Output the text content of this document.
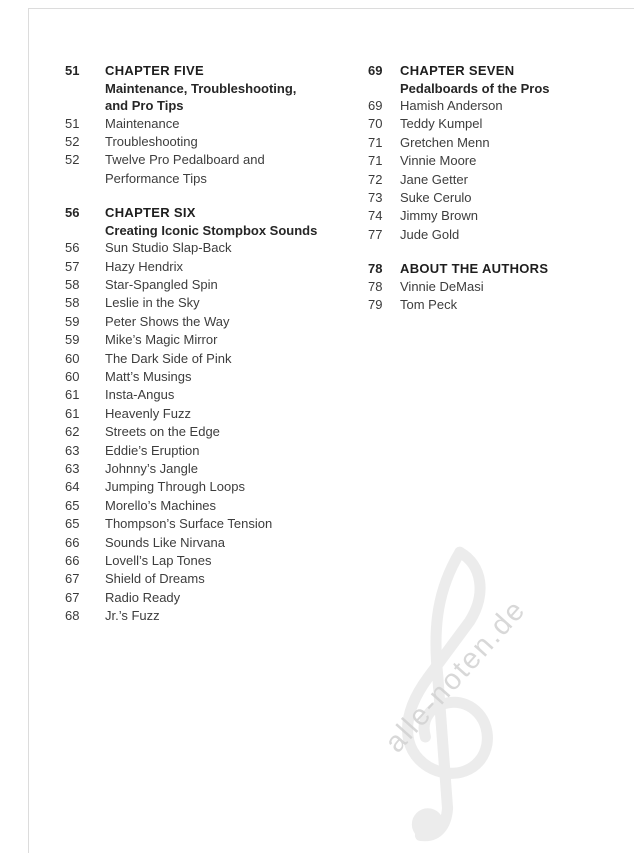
alle-noten.de
51	CHAPTER FIVE
Maintenance, Troubleshooting,
and Pro Tips
51	Maintenance
52	Troubleshooting
52	Twelve Pro Pedalboard and
Performance Tips
56	CHAPTER SIX
Creating Iconic Stompbox Sounds
56	Sun Studio Slap-Back
57	Hazy Hendrix
58	Star-Spangled Spin
58	Leslie in the Sky
59	Peter Shows the Way
59	Mike’s Magic Mirror
60	The Dark Side of Pink
60	Matt’s Musings
61	Insta-Angus
61	Heavenly Fuzz
62	Streets on the Edge
63	Eddie’s Eruption
63	Johnny’s Jangle
64	Jumping Through Loops
65	Morello’s Machines
65	Thompson’s Surface Tension
66	Sounds Like Nirvana
66	Lovell’s Lap Tones
67	Shield of Dreams
67	Radio Ready
68	Jr.’s Fuzz
69	CHAPTER SEVEN
Pedalboards of the Pros
69	Hamish Anderson
70	Teddy Kumpel
71	Gretchen Menn
71	Vinnie Moore
72	Jane Getter
73	Suke Cerulo
74	Jimmy Brown
77	Jude Gold
78	ABOUT THE AUTHORS
78	Vinnie DeMasi
79	Tom Peck
